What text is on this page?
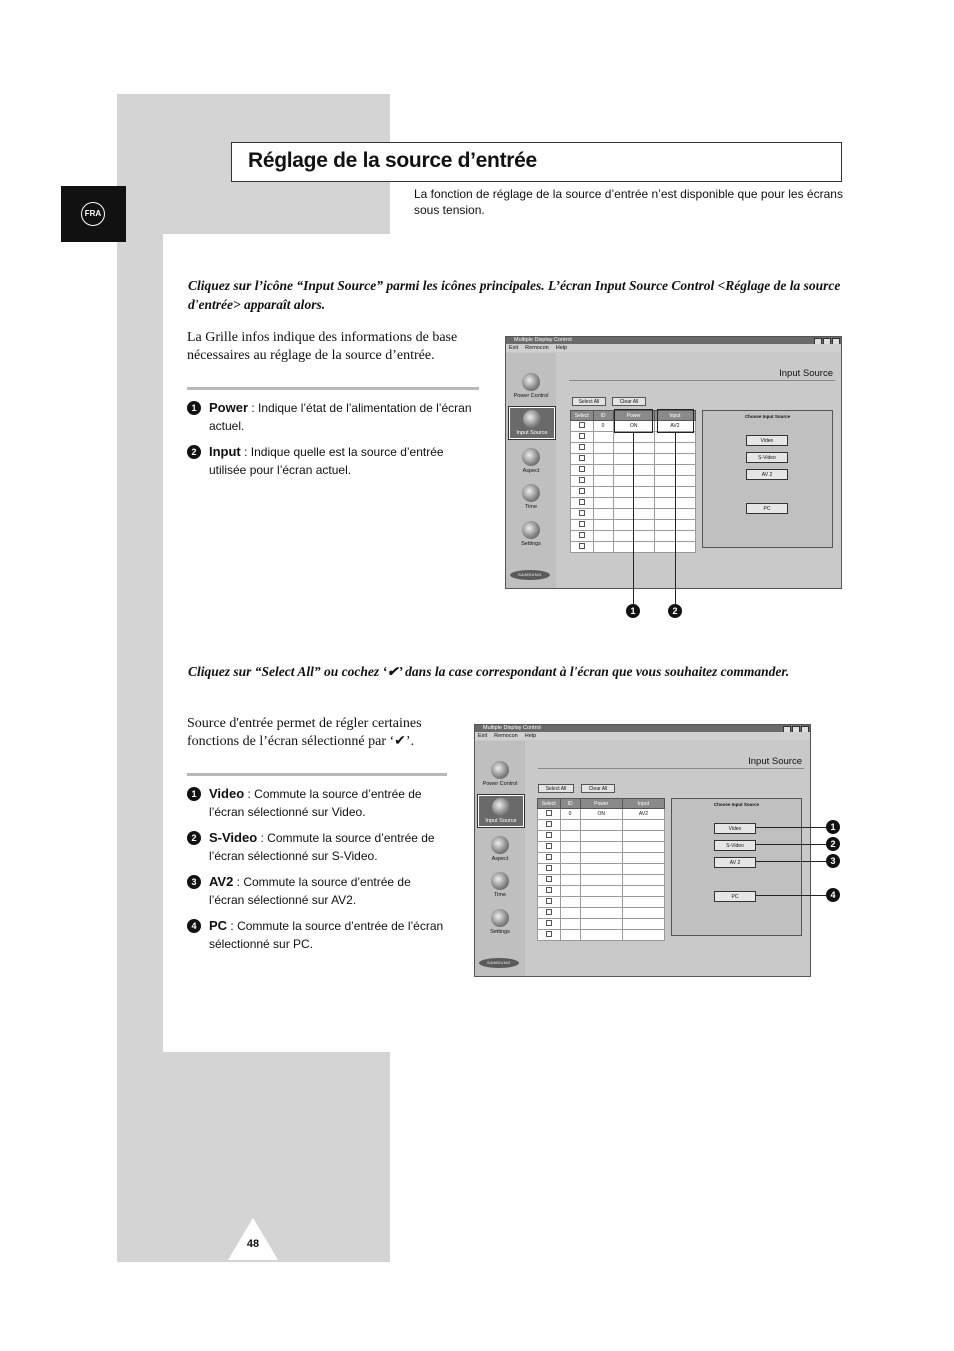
FRA
Réglage de la source d’entrée
La fonction de réglage de la source d’entrée n’est disponible que pour les écrans sous tension.
Cliquez sur l’icône “Input Source” parmi les icônes principales. L’écran Input Source Control <Réglage de la source d'entrée> apparaît alors.
La Grille infos indique des informations de base nécessaires au réglage de la source d’entrée.
1 Power : Indique l’état de l’alimentation de l’écran actuel.
2 Input : Indique quelle est la source d’entrée utilisée pour l’écran actuel.
Multiple Display Control
Exit Remocon Help
Power Control
Input Source
Aspect
Time
Settings
SAMSUNG
Input Source
Select All	Clear All
Select	ID	Power	Input
	0	ON	AV2

Choose Input Source
Video
S-Video
AV 2
PC
1	2
Cliquez sur “Select All” ou cochez ‘✔’ dans la case correspondant à l'écran que vous souhaitez commander.
Source d'entrée permet de régler certaines fonctions de l’écran sélectionné par ‘✔’.
1 Video : Commute la source d’entrée de l’écran sélectionné sur Video.
2 S-Video : Commute la source d’entrée de l’écran sélectionné sur S-Video.
3 AV2 : Commute la source d’entrée de l’écran sélectionné sur AV2.
4 PC : Commute la source d’entrée de l’écran sélectionné sur PC.
Multiple Display Control
Exit Remocon Help
Power Control
Input Source
Aspect
Time
Settings
SAMSUNG
Input Source
Select All	Clear All
Select	ID	Power	Input
	0	ON	AV2

Choose Input Source
Video
S-Video
AV 2
PC
1
2
3
4
48
